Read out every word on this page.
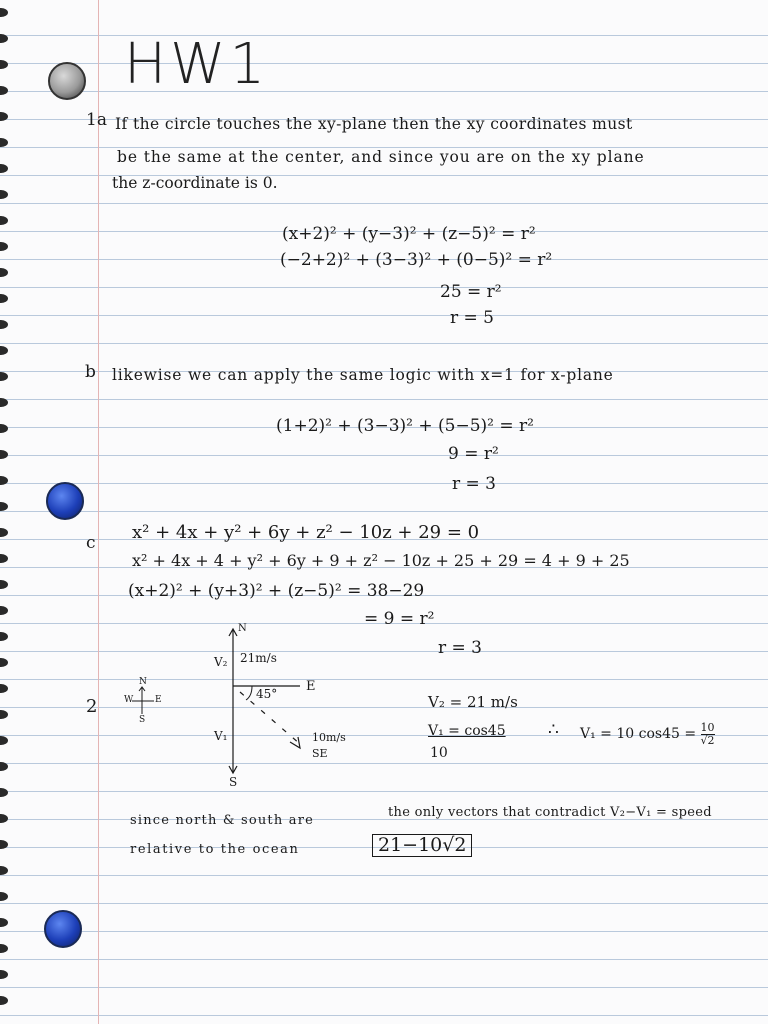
HW1
1a If the circle touches the xy-plane then the xy coordinates must
be the same at the center, and since you are on the xy plane
the z-coordinate is 0.
(x+2)² + (y−3)² + (z−5)² = r²
(−2+2)² + (3−3)² + (0−5)² = r²
25 = r²
r = 5
b likewise we can apply the same logic with x=1 for x-plane
(1+2)² + (3−3)² + (5−5)² = r²
9 = r²
r = 3
c x² + 4x + y² + 6y + z² − 10z + 29 = 0
x² + 4x + 4 + y² + 6y + 9 + z² − 10z + 25 + 29 = 4 + 9 + 25
(x+2)² + (y+3)² + (z−5)² = 38−29
= 9 = r²
r = 3
2
N
W E
S
N
V₂ 21m/s
E
45°
V₁	10m/s
SE
S
V₂ = 21 m/s
V₁ = cos45
10
∴ V₁ = 10 $\cos 45 = \frac{10}{√2}$
since north & south are
the only vectors that contradict V₂−V₁ = speed
relative to the ocean	21−10√2
